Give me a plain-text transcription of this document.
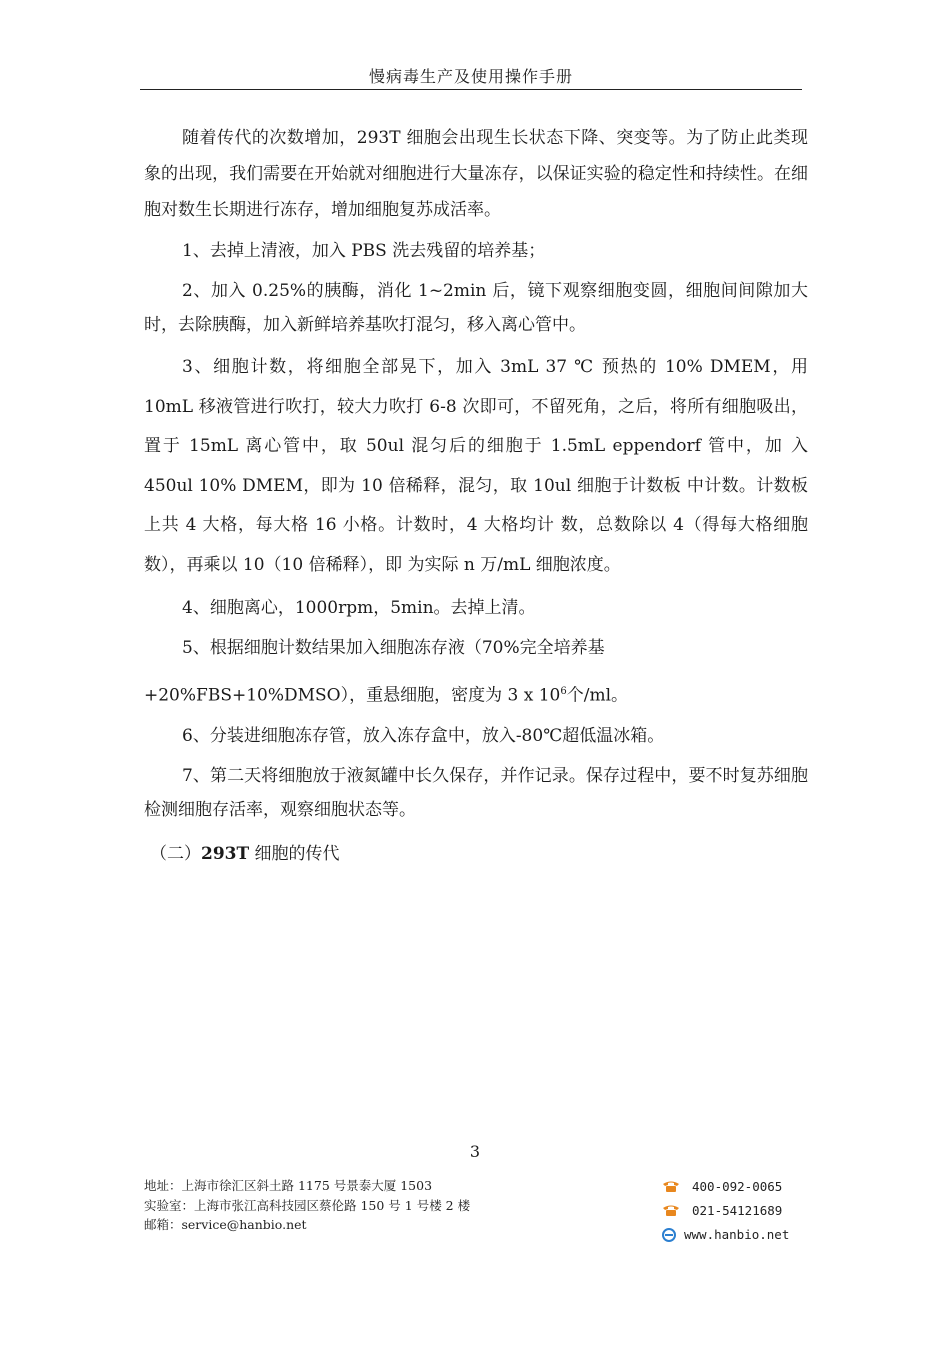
慢病毒生产及使用操作手册

随着传代的次数增加，293T 细胞会出现生长状态下降、突变等。为了防止此类现象的出现，我们需要在开始就对细胞进行大量冻存，以保证实验的稳定性和持续性。在细胞对数生长期进行冻存，增加细胞复苏成活率。

1、去掉上清液，加入 PBS 洗去残留的培养基；

2、加入 0.25%的胰酶，消化 1~2min 后，镜下观察细胞变圆，细胞间间隙加大时，去除胰酶，加入新鲜培养基吹打混匀，移入离心管中。

3、细胞计数，将细胞全部晃下，加入 3mL 37 ℃ 预热的 10% DMEM，用 10mL 移液管进行吹打，较大力吹打 6-8 次即可，不留死角，之后，将所有细胞吸出，置于 15mL 离心管中，取 50ul 混匀后的细胞于 1.5mL eppendorf 管中，加 入 450ul 10% DMEM，即为 10 倍稀释，混匀，取 10ul 细胞于计数板 中计数。计数板上共 4 大格，每大格 16 小格。计数时，4 大格均计 数，总数除以 4（得每大格细胞数），再乘以 10（10 倍稀释），即 为实际 n 万/mL 细胞浓度。

4、细胞离心，1000rpm，5min。去掉上清。

5、根据细胞计数结果加入细胞冻存液（70%完全培养基

+20%FBS+10%DMSO），重悬细胞，密度为 3 x $10^6$个/ml。

6、分装进细胞冻存管，放入冻存盒中，放入-80℃超低温冰箱。

7、第二天将细胞放于液氮罐中长久保存，并作记录。保存过程中，要不时复苏细胞检测细胞存活率，观察细胞状态等。

（二）293T 细胞的传代

3
地址：上海市徐汇区斜土路 1175 号景泰大厦 1503
实验室：上海市张江高科技园区蔡伦路 150 号 1 号楼 2 楼
邮箱：service@hanbio.net
400-092-0065
021-54121689
www.hanbio.net
